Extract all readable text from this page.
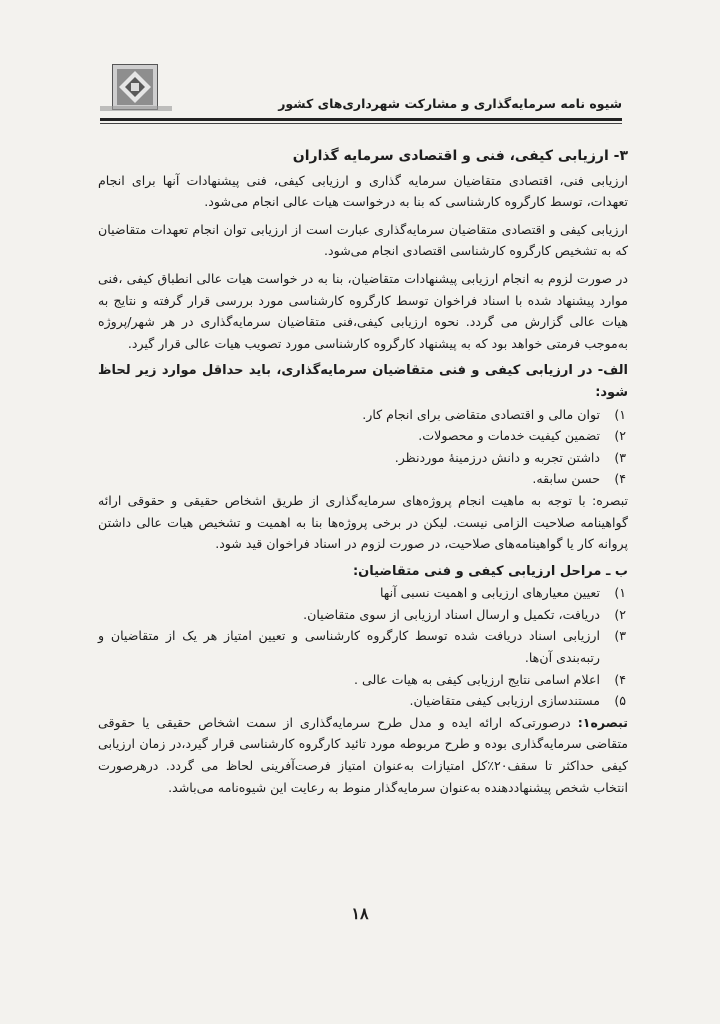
شیوه نامه سرمایه‌گذاری و مشارکت شهرداری‌های کشور

۳- ارزیابی کیفی، فنی و اقتصادی سرمایه گذاران

ارزیابی فنی، اقتصادی متقاضیان سرمایه گذاری و ارزیابی کیفی، فنی پیشنهادات آنها برای انجام تعهدات، توسط کارگروه کارشناسی که بنا به درخواست هیات عالی انجام می‌شود.

ارزیابی کیفی و اقتصادی متقاضیان سرمایه‌گذاری عبارت است از ارزیابی توان انجام تعهدات متقاضیان که به تشخیص کارگروه کارشناسی اقتصادی انجام می‌شود.

در صورت لزوم به انجام ارزیابی پیشنهادات متقاضیان، بنا به در خواست هیات عالی انطباق کیفی ،فنی موارد پیشنهاد شده با اسناد فراخوان توسط کارگروه کارشناسی مورد بررسی قرار گرفته و نتایج به هیات عالی گزارش می گردد. نحوه ارزیابی کیفی،فنی متقاضیان سرمایه‌گذاری در هر شهر/پروژه به‌موجب فرمتی خواهد بود که به پیشنهاد کارگروه کارشناسی مورد تصویب هیات عالی قرار گیرد.

الف- در ارزیابی کیفی و فنی متقاضیان سرمایه‌گذاری، باید حداقل موارد زیر لحاظ شود:

۱)
توان مالی و اقتصادی متقاضی برای انجام کار.
۲)
تضمین کیفیت خدمات و محصولات.
۳)
داشتن تجربه و دانش درزمینهٔ موردنظر.
۴)
حسن سابقه.

تبصره: با توجه به ماهیت انجام پروژه‌های سرمایه‌گذاری از طریق اشخاص حقیقی و حقوقی ارائه گواهینامه صلاحیت الزامی نیست. لیکن در برخی پروژه‌ها بنا به اهمیت و تشخیص هیات عالی داشتن پروانه کار یا گواهینامه‌های صلاحیت، در صورت لزوم در اسناد فراخوان قید شود.

ب ـ مراحل ارزیابی کیفی و فنی متقاضیان:

۱)
تعیین معیارهای ارزیابی و اهمیت نسبی آنها
۲)
دریافت، تکمیل و ارسال اسناد ارزیابی از سوی متقاضیان.
۳)
ارزیابی اسناد دریافت شده توسط کارگروه کارشناسی و تعیین امتیاز هر یک از متقاضیان و رتبه‌بندی آن‌ها.
۴)
اعلام اسامی نتایج ارزیابی کیفی به هیات عالی .
۵)
مستندسازی ارزیابی کیفی متقاضیان.

تبصره۱: درصورتی‌که ارائه ایده و مدل طرح سرمایه‌گذاری از سمت اشخاص حقیقی یا حقوقی متقاضی سرمایه‌گذاری بوده و طرح مربوطه مورد تائید کارگروه کارشناسی قرار گیرد،در زمان ارزیابی کیفی حداکثر تا سقف۲۰٪کل امتیازات به‌عنوان امتیاز فرصت‌آفرینی لحاظ می گردد. درهرصورت انتخاب شخص پیشنهاددهنده به‌عنوان سرمایه‌گذار منوط به رعایت این شیوه‌نامه می‌باشد.

۱۸
